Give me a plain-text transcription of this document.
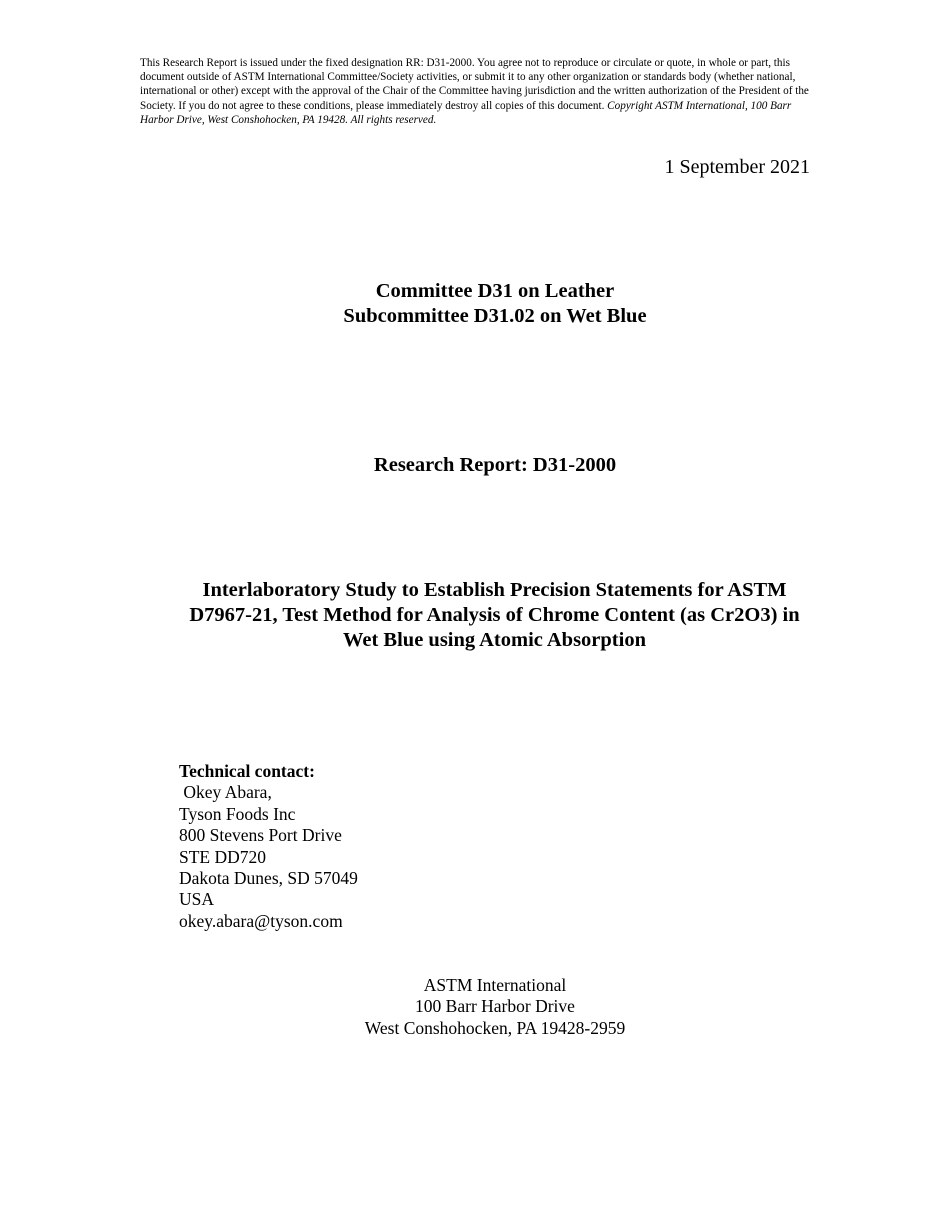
This Research Report is issued under the fixed designation RR: D31-2000. You agree not to reproduce or circulate or quote, in whole or part, this document outside of ASTM International Committee/Society activities, or submit it to any other organization or standards body (whether national, international or other) except with the approval of the Chair of the Committee having jurisdiction and the written authorization of the President of the Society. If you do not agree to these conditions, please immediately destroy all copies of this document. Copyright ASTM International, 100 Barr Harbor Drive, West Conshohocken, PA 19428. All rights reserved.
1 September 2021
Committee D31 on Leather
Subcommittee D31.02 on Wet Blue
Research Report: D31-2000
Interlaboratory Study to Establish Precision Statements for ASTM D7967-21, Test Method for Analysis of Chrome Content (as Cr2O3) in Wet Blue using Atomic Absorption
Technical contact:
Okey Abara,
Tyson Foods Inc
800 Stevens Port Drive
STE DD720
Dakota Dunes, SD 57049
USA
okey.abara@tyson.com
ASTM International
100 Barr Harbor Drive
West Conshohocken, PA 19428-2959
